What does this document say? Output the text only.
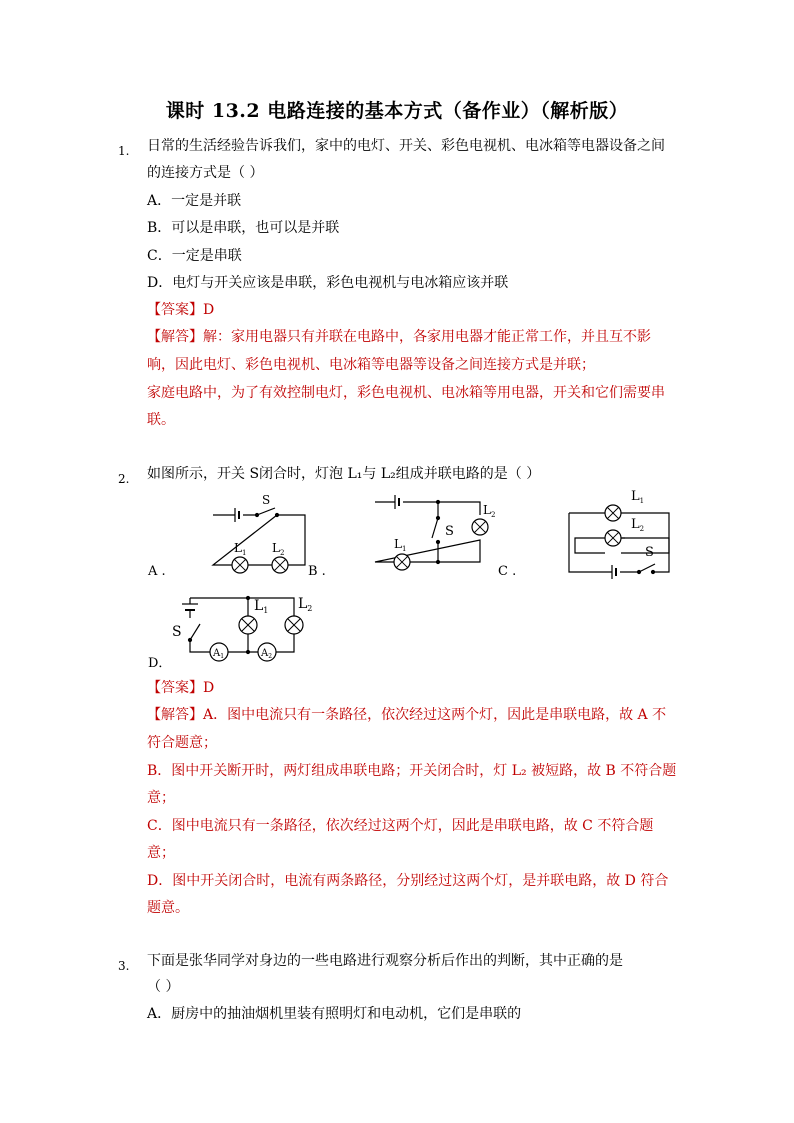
课时 13.2 电路连接的基本方式（备作业）（解析版）
1. 日常的生活经验告诉我们，家中的电灯、开关、彩色电视机、电冰箱等电器设备之间
的连接方式是（ ）
A．一定是并联
B．可以是串联，也可以是并联
C．一定是串联
D．电灯与开关应该是串联，彩色电视机与电冰箱应该并联
【答案】D
【解答】解：家用电器只有并联在电路中，各家用电器才能正常工作，并且互不影
响，因此电灯、彩色电视机、电冰箱等电器等设备之间连接方式是并联；
家庭电路中，为了有效控制电灯，彩色电视机、电冰箱等用电器，开关和它们需要串
联。
2. 如图所示，开关 S闭合时，灯泡 L₁与 L₂组成并联电路的是（ ）
A .	B .	C .
D．
S
$L_1$ $L_2$
S
$L_1$
$L_2$
$L_1$
$L_2$
S
S
$L_1$ $L_2$
$A_1$	$A_2$
【答案】D
【解答】A．图中电流只有一条路径，依次经过这两个灯，因此是串联电路，故 A 不
符合题意；
B．图中开关断开时，两灯组成串联电路；开关闭合时，灯 L₂ 被短路，故 B 不符合题
意；
C．图中电流只有一条路径，依次经过这两个灯，因此是串联电路，故 C 不符合题
意；
D．图中开关闭合时，电流有两条路径，分别经过这两个灯，是并联电路，故 D 符合
题意。
3. 下面是张华同学对身边的一些电路进行观察分析后作出的判断，其中正确的是
（ ）
A．厨房中的抽油烟机里装有照明灯和电动机，它们是串联的
